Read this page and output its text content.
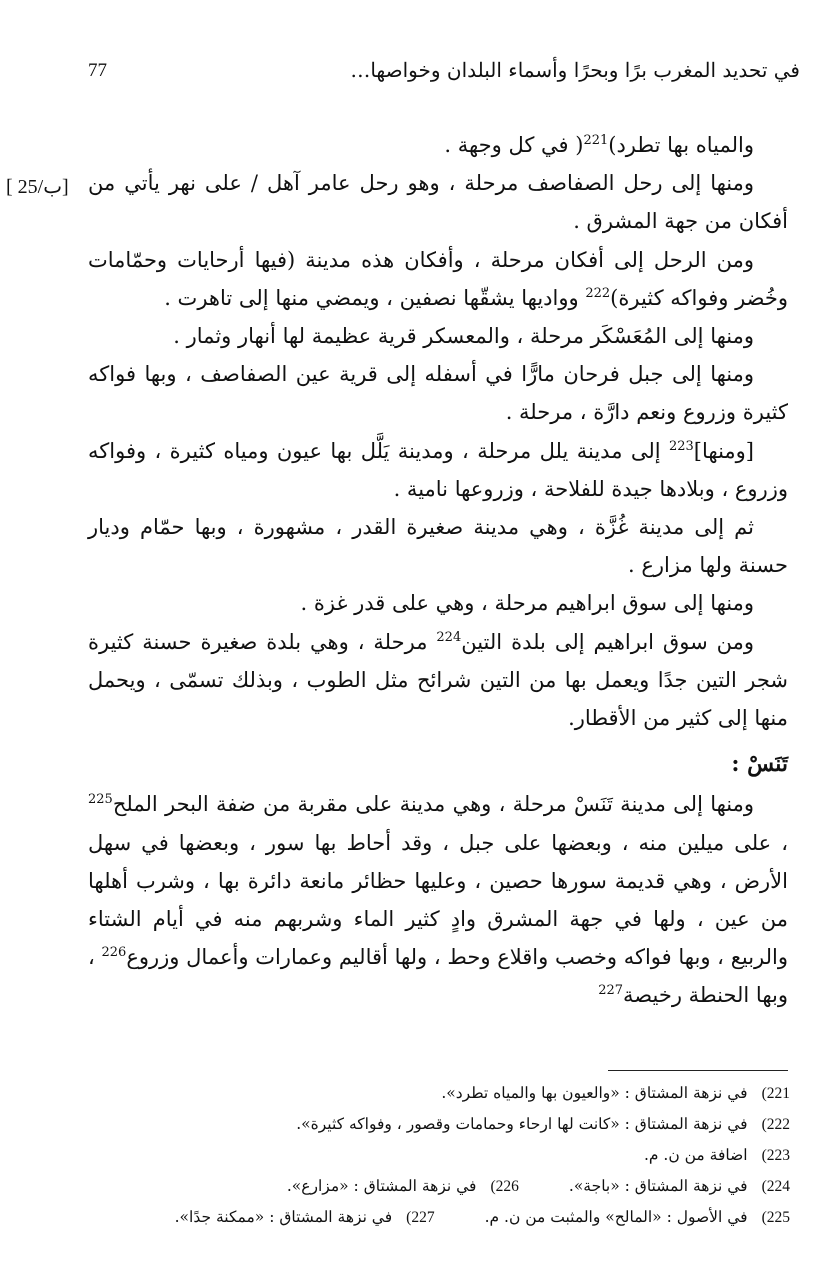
77	في تحديد المغرب برًا وبحرًا وأسماء البلدان وخواصها…
[ 25/ب]

والمياه بها تطرد)$^{221}$( في كل وجهة .

ومنها إلى رحل الصفاصف مرحلة ، وهو رحل عامر آهل / على نهر يأتي من أفكان من جهة المشرق .

ومن الرحل إلى أفكان مرحلة ، وأفكان هذه مدينة (فيها أرحايات وحمّامات وخُضر وفواكه كثيرة)$^{222}$ وواديها يشقّها نصفين ، ويمضي منها إلى تاهرت .

ومنها إلى المُعَسْكَر مرحلة ، والمعسكر قرية عظيمة لها أنهار وثمار .

ومنها إلى جبل فرحان مارًّا في أسفله إلى قرية عين الصفاصف ، وبها فواكه كثيرة وزروع ونعم دارَّة ، مرحلة .

[ومنها]$^{223}$ إلى مدينة يلل مرحلة ، ومدينة يَلَّل بها عيون ومياه كثيرة ، وفواكه وزروع ، وبلادها جيدة للفلاحة ، وزروعها نامية .

ثم إلى مدينة غُزَّة ، وهي مدينة صغيرة القدر ، مشهورة ، وبها حمّام وديار حسنة ولها مزارع .

ومنها إلى سوق ابراهيم مرحلة ، وهي على قدر غزة .

ومن سوق ابراهيم إلى بلدة التين$^{224}$ مرحلة ، وهي بلدة صغيرة حسنة كثيرة شجر التين جدًا ويعمل بها من التين شرائح مثل الطوب ، وبذلك تسمّى ، ويحمل منها إلى كثير من الأقطار.

تَنَسْ :

ومنها إلى مدينة تَنَسْ مرحلة ، وهي مدينة على مقربة من ضفة البحر الملح$^{225}$ ، على ميلين منه ، وبعضها على جبل ، وقد أحاط بها سور ، وبعضها في سهل الأرض ، وهي قديمة سورها حصين ، وعليها حظائر مانعة دائرة بها ، وشرب أهلها من عين ، ولها في جهة المشرق وادٍ كثير الماء وشربهم منه في أيام الشتاء والربيع ، وبها فواكه وخصب واقلاع وحط ، ولها أقاليم وعمارات وأعمال وزروع$^{226}$ ، وبها الحنطة رخيصة$^{227}$

221)في نزهة المشتاق : «والعيون بها والمياه تطرد».
222)في نزهة المشتاق : «كانت لها ارحاء وحمامات وقصور ، وفواكه كثيرة».
223)اضافة من ن. م.
224)في نزهة المشتاق : «باجة».
226)في نزهة المشتاق : «مزارع».
225)في الأصول : «المالح» والمثبت من ن. م.
227)في نزهة المشتاق : «ممكنة جدًا».
